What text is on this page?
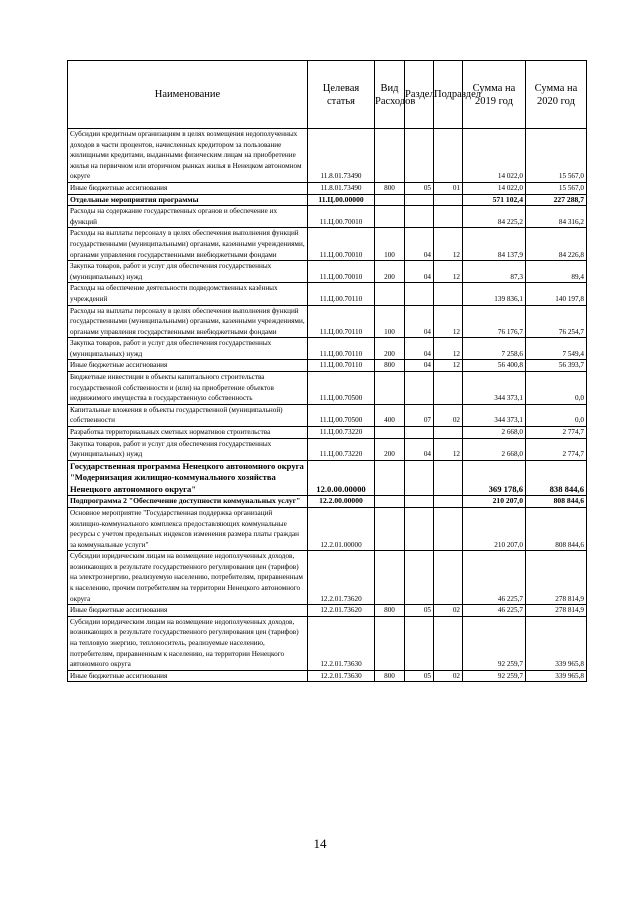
Наименование	Целевая статья	Вид Расходов	Раздел	Подраздел	Сумма на 2019 год	Сумма на 2020 год
Субсидии кредитным организациям в целях возмещения недополученных доходов в части процентов, начисленных кредитором за пользование жилищными кредитами, выданными физическим лицам на приобретение жилья на первичном или вторичном рынках жилья в Ненецком автономном округе	11.8.01.73490				14 022,0	15 567,0
Иные бюджетные ассигнования	11.8.01.73490	800	05	01	14 022,0	15 567,0
Отдельные мероприятия программы	11.Ц.00.00000				571 102,4	227 288,7
Расходы на содержание государственных органов и обеспечение их функций	11.Ц.00.70010				84 225,2	84 316,2
Расходы на выплаты персоналу в целях обеспечения выполнения функций государственными (муниципальными) органами, казенными учреждениями, органами управления государственными внебюджетными фондами	11.Ц.00.70010	100	04	12	84 137,9	84 226,8
Закупка товаров, работ и услуг для обеспечения государственных (муниципальных) нужд	11.Ц.00.70010	200	04	12	87,3	89,4
Расходы на обеспечение деятельности подведомственных казённых учреждений	11.Ц.00.70110				139 836,1	140 197,8
Расходы на выплаты персоналу в целях обеспечения выполнения функций государственными (муниципальными) органами, казенными учреждениями, органами управления государственными внебюджетными фондами	11.Ц.00.70110	100	04	12	76 176,7	76 254,7
Закупка товаров, работ и услуг для обеспечения государственных (муниципальных) нужд	11.Ц.00.70110	200	04	12	7 258,6	7 549,4
Иные бюджетные ассигнования	11.Ц.00.70110	800	04	12	56 400,8	56 393,7
Бюджетные инвестиции в объекты капитального строительства государственной собственности и (или) на приобретение объектов недвижимого имущества в государственную собственность	11.Ц.00.70500				344 373,1	0,0
Капитальные вложения в объекты государственной (муниципальной) собственности	11.Ц.00.70500	400	07	02	344 373,1	0,0
Разработка территориальных сметных нормативов строительства	11.Ц.00.73220				2 668,0	2 774,7
Закупка товаров, работ и услуг для обеспечения государственных (муниципальных) нужд	11.Ц.00.73220	200	04	12	2 668,0	2 774,7
Государственная программа Ненецкого автономного округа "Модернизация жилищно-коммунального хозяйства Ненецкого автономного округа"	12.0.00.00000				369 178,6	838 844,6
Подпрограмма 2 "Обеспечение доступности коммунальных услуг"	12.2.00.00000				210 207,0	808 844,6
Основное мероприятие "Государственная поддержка организаций жилищно-коммунального комплекса предоставляющих коммунальные ресурсы с учетом предельных индексов изменения размера платы граждан за коммунальные услуги"	12.2.01.00000				210 207,0	808 844,6
Субсидии юридическим лицам на возмещение недополученных доходов, возникающих в результате государственного регулирования цен (тарифов) на электроэнергию, реализуемую населению, потребителям, приравненным к населению, прочим потребителям на территории Ненецкого автономного округа	12.2.01.73620				46 225,7	278 814,9
Иные бюджетные ассигнования	12.2.01.73620	800	05	02	46 225,7	278 814,9
Субсидии юридическим лицам на возмещение недополученных доходов, возникающих в результате государственного регулирования цен (тарифов) на тепловую энергию, теплоноситель, реализуемые населению, потребителям, приравненным к населению, на территории Ненецкого автономного округа	12.2.01.73630				92 259,7	339 965,8
Иные бюджетные ассигнования	12.2.01.73630	800	05	02	92 259,7	339 965,8
14
